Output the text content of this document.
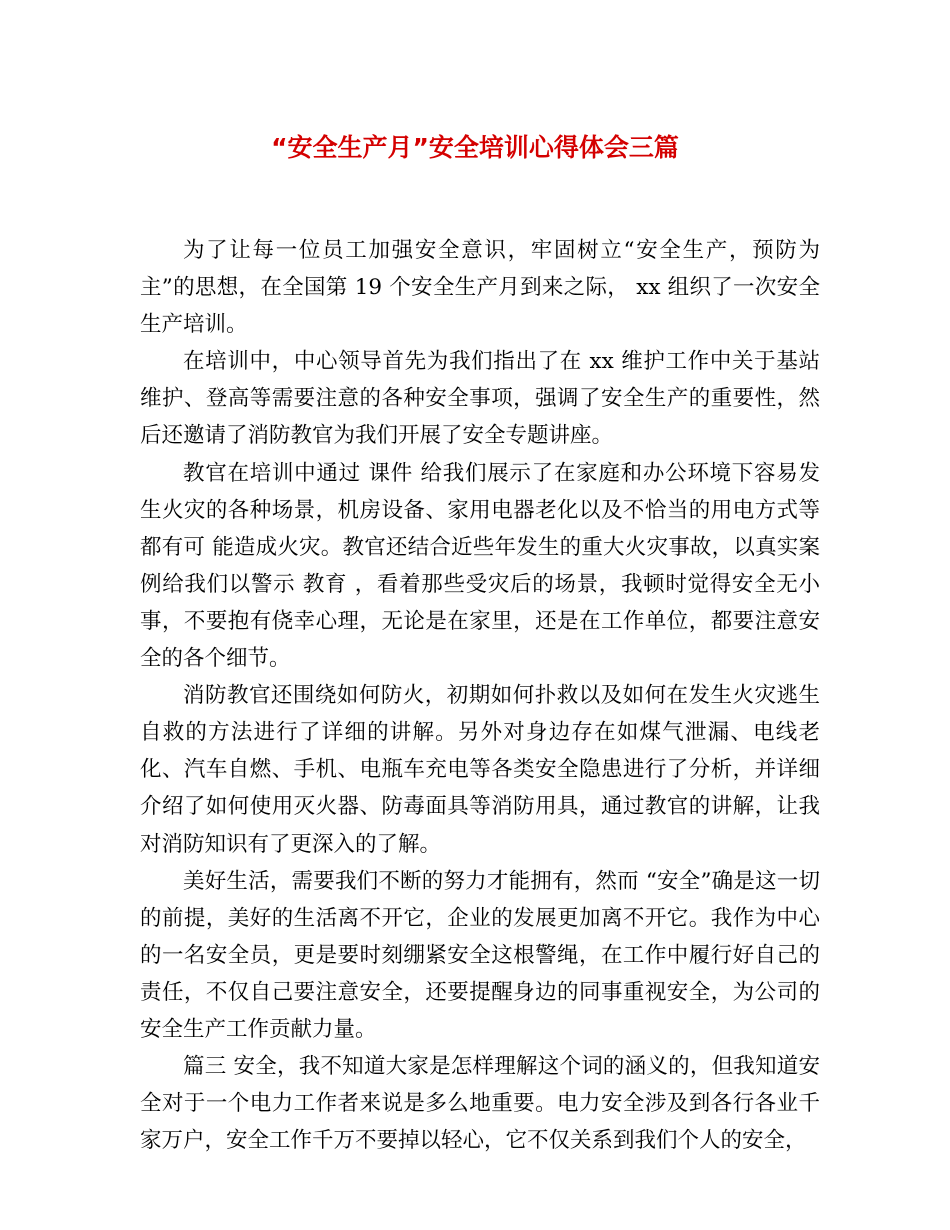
“安全生产月”安全培训心得体会三篇

为了让每一位员工加强安全意识，牢固树立“安全生产，预防为主”的思想，在全国第 19 个安全生产月到来之际， xx 组织了一次安全生产培训。

在培训中，中心领导首先为我们指出了在 xx 维护工作中关于基站维护、登高等需要注意的各种安全事项，强调了安全生产的重要性，然后还邀请了消防教官为我们开展了安全专题讲座。

教官在培训中通过 课件 给我们展示了在家庭和办公环境下容易发生火灾的各种场景，机房设备、家用电器老化以及不恰当的用电方式等都有可 能造成火灾。教官还结合近些年发生的重大火灾事故，以真实案例给我们以警示 教育 ，看着那些受灾后的场景，我顿时觉得安全无小事，不要抱有侥幸心理，无论是在家里，还是在工作单位，都要注意安全的各个细节。

消防教官还围绕如何防火，初期如何扑救以及如何在发生火灾逃生自救的方法进行了详细的讲解。另外对身边存在如煤气泄漏、电线老化、汽车自燃、手机、电瓶车充电等各类安全隐患进行了分析，并详细介绍了如何使用灭火器、防毒面具等消防用具，通过教官的讲解，让我对消防知识有了更深入的了解。

美好生活，需要我们不断的努力才能拥有，然而 “安全”确是这一切的前提，美好的生活离不开它，企业的发展更加离不开它。我作为中心的一名安全员，更是要时刻绷紧安全这根警绳，在工作中履行好自己的责任，不仅自己要注意安全，还要提醒身边的同事重视安全，为公司的安全生产工作贡献力量。

篇三 安全，我不知道大家是怎样理解这个词的涵义的，但我知道安全对于一个电力工作者来说是多么地重要。电力安全涉及到各行各业千家万户，安全工作千万不要掉以轻心，它不仅关系到我们个人的安全，
